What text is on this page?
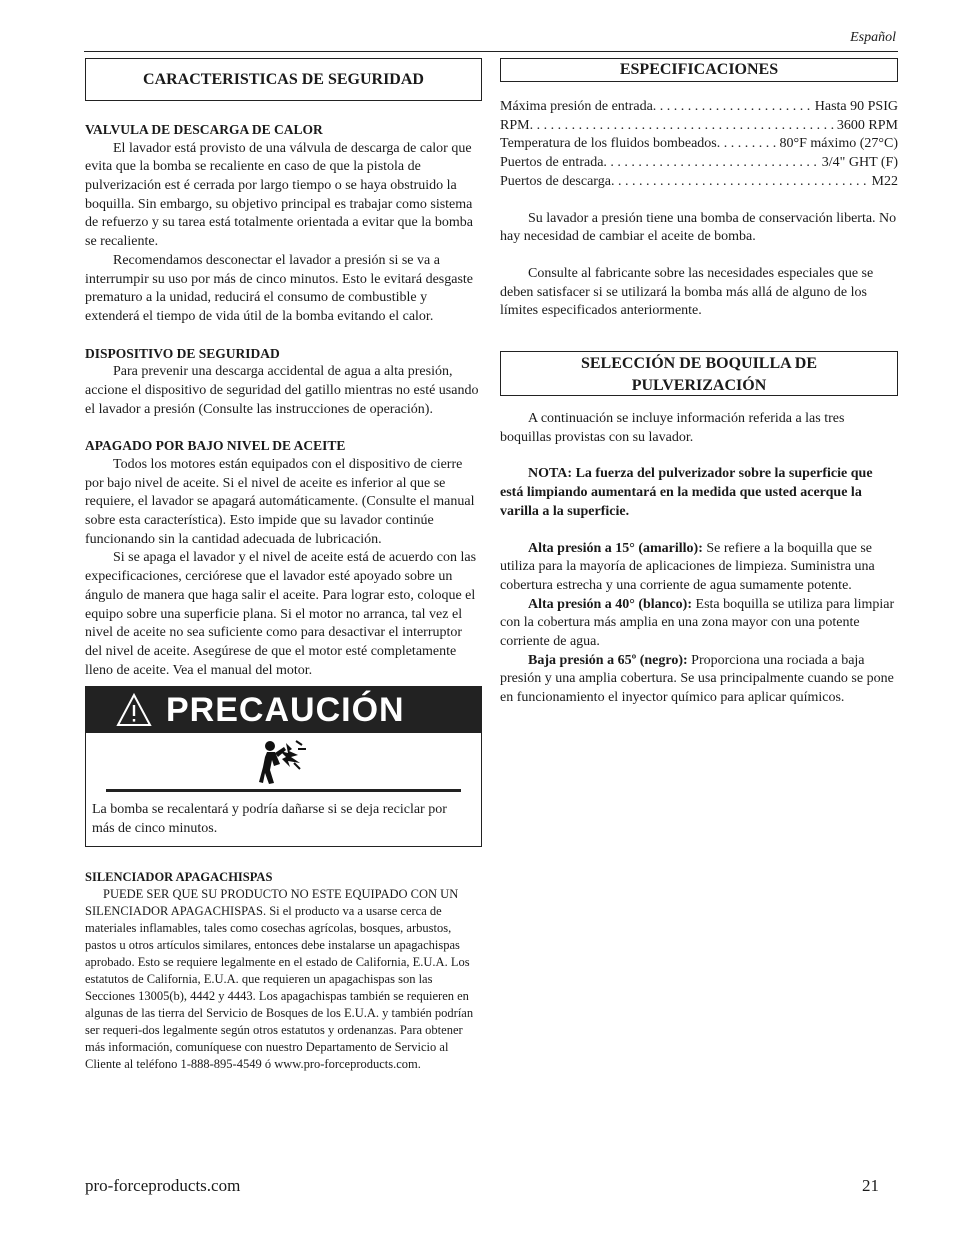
Español
CARACTERISTICAS DE SEGURIDAD
VALVULA DE DESCARGA DE CALOR

El lavador está provisto de una válvula de descarga de calor que evita que la bomba se recaliente en caso de que la pistola de pulverización est é cerrada por largo tiempo o se haya obstruido la boquilla. Sin embargo, su objetivo principal es trabajar como sistema de refuerzo y su tarea está totalmente orientada a evitar que la bomba se recaliente.

Recomendamos desconectar el lavador a presión si se va a interrumpir su uso por más de cinco minutos. Esto le evitará desgaste prematuro a la unidad, reducirá el consumo de combustible y extenderá el tiempo de vida útil de la bomba evitando el calor.

DISPOSITIVO DE SEGURIDAD

Para prevenir una descarga accidental de agua a alta presión, accione el dispositivo de seguridad del gatillo mientras no esté usando el lavador a presión (Consulte las instrucciones de operación).

APAGADO POR BAJO NIVEL DE ACEITE

Todos los motores están equipados con el dispositivo de cierre por bajo nivel de aceite. Si el nivel de aceite es inferior al que se requiere, el lavador se apagará automáticamente. (Consulte el manual sobre esta característica). Esto impide que su lavador continúe funcionando sin la cantidad adecuada de lubricación.

Si se apaga el lavador y el nivel de aceite está de acuerdo con las expecificaciones, cerciórese que el lavador esté apoyado sobre un ángulo de manera que haga salir el aceite. Para lograr esto, coloque el equipo sobre una superficie plana. Si el motor no arranca, tal vez el nivel de aceite no sea suficiente como para desactivar el interruptor del nivel de aceite. Asegúrese de que el motor esté completamente lleno de aceite. Vea el manual del motor.

PRECAUCIÓN
La bomba se recalentará y podría dañarse si se deja reciclar por más de cinco minutos.
SILENCIADOR APAGACHISPAS

PUEDE SER QUE SU PRODUCTO NO ESTE EQUIPADO CON UN SILENCIADOR APAGACHISPAS. Si el producto va a usarse cerca de materiales inflamables, tales como cosechas agrícolas, bosques, arbustos, pastos u otros artículos similares, entonces debe instalarse un apagachispas aprobado. Esto se requiere legalmente en el estado de California, E.U.A. Los estatutos de California, E.U.A. que requieren un apagachispas son las Secciones 13005(b), 4442 y 4443. Los apagachispas también se requieren en algunas de las tierra del Servicio de Bosques de los E.U.A. y también podrían ser requeri-dos legalmente según otros estatutos y ordenanzas. Para obtener más información, comuníquese con nuestro Departamento de Servicio al Cliente al teléfono 1-888-895-4549 ó www.pro-forceproducts.com.

ESPECIFICACIONES
Máxima presión de entrada . . .	Hasta 90 PSIG
RPM . . .	3600 RPM
Temperatura de los fluidos bombeados . . .	80°F máximo (27°C)
Puertos de entrada . . .	3/4" GHT (F)
Puertos de descarga . . .	M22

Su lavador a presión tiene una bomba de conservación liberta. No hay necesidad de cambiar el aceite de bomba.

Consulte al fabricante sobre las necesidades especiales que se deben satisfacer si se utilizará la bomba más allá de alguno de los límites especificados anteriormente.

SELECCIÓN DE BOQUILLA DE
PULVERIZACIÓN

A continuación se incluye información referida a las tres boquillas provistas con su lavador.

NOTA: La fuerza del pulverizador sobre la superficie que está limpiando aumentará en la medida que usted acerque la varilla a la superficie.

Alta presión a 15° (amarillo): Se refiere a la boquilla que se utiliza para la mayoría de aplicaciones de limpieza. Suministra una cobertura estrecha y una corriente de agua sumamente potente.

Alta presión a 40° (blanco): Esta boquilla se utiliza para limpiar con la cobertura más amplia en una zona mayor con una potente corriente de agua.

Baja presión a 65º (negro): Proporciona una rociada a baja presión y una amplia cobertura. Se usa principalmente cuando se pone en funcionamiento el inyector químico para aplicar químicos.

pro-forceproducts.com	21
